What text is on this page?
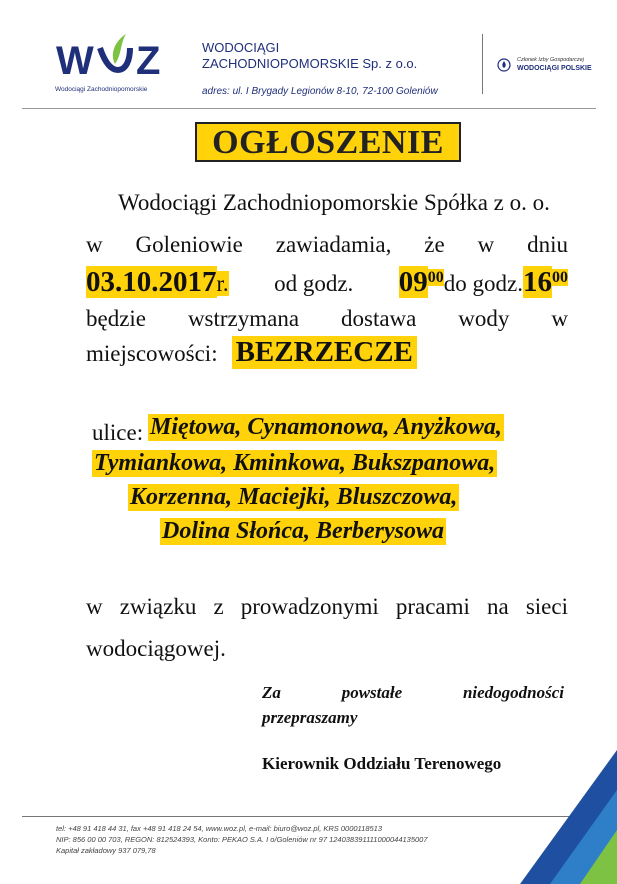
W Z
Wodociągi Zachodniopomorskie
WODOCIĄGI
ZACHODNIOPOMORSKIE Sp. z o.o.
adres: ul. I Brygady Legionów 8-10, 72-100 Goleniów
Członek Izby Gospodarczej
WODOCIĄGI POLSKIE
OGŁOSZENIE
Wodociągi Zachodniopomorskie Spółka z o. o.
w Goleniowie zawiadamia, że w dniu
03.10.2017r. od godz. $09^{00}do$ $godz.16^{00}$
będzie wstrzymana dostawa wody w
miejscowości: BEZRZECZE
ulice: Miętowa, Cynamonowa, Anyżkowa,
Tymiankowa, Kminkowa, Bukszpanowa,
Korzenna, Maciejki, Bluszczowa,
Dolina Słońca, Berberysowa
w związku z prowadzonymi pracami na sieci
wodociągowej.
Za	powstałe	niedogodności
przepraszamy
Kierownik Oddziału Terenowego
tel: +48 91 418 44 31, fax +48 91 418 24 54, www.woz.pl, e-mail: biuro@woz.pl, KRS 0000118513
NIP: 856 00 00 703, REGON: 812524393, Konto: PEKAO S.A. I o/Goleniów nr 97 1240383911110000441350​07
Kapitał zakładowy 937 079,78
